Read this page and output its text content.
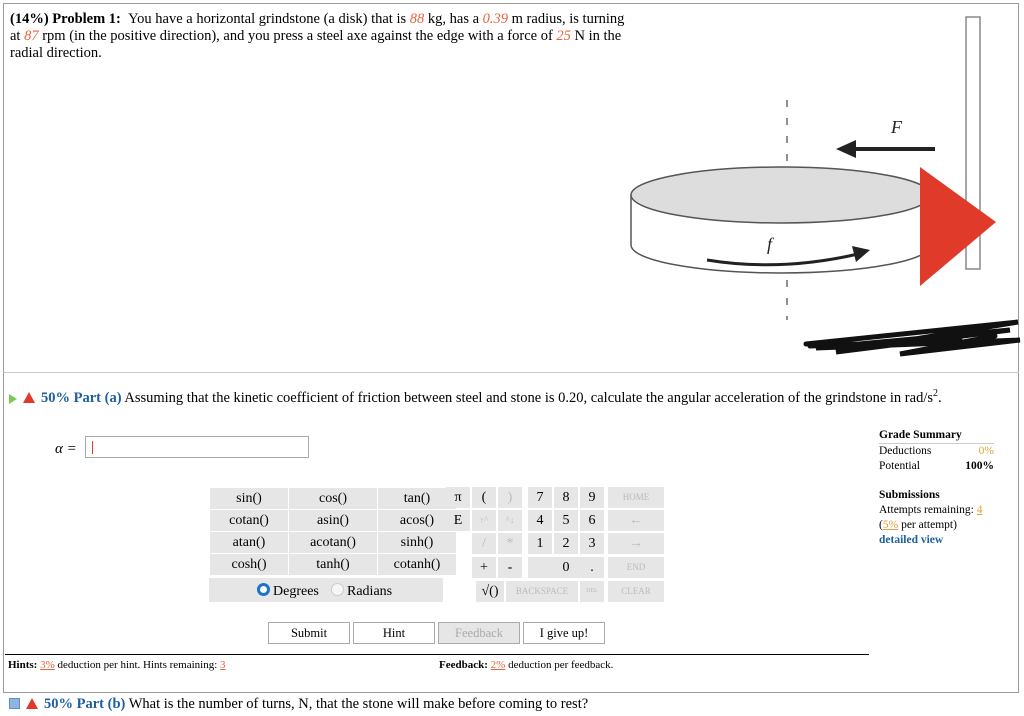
(14%) Problem 1: You have a horizontal grindstone (a disk) that is 88 kg, has a 0.39 m radius, is turning at 87 rpm (in the positive direction), and you press a steel axe against the edge with a force of 25 N in the radial direction.
F
f
50% Part (a) Assuming that the kinetic coefficient of friction between steel and stone is 0.20, calculate the angular acceleration of the grindstone in rad/$s^2$.
α =
sin()	cos()	tan()
cotan()	asin()	acos()
atan()	acotan()	sinh()
cosh()	tanh()	cotanh()
Degrees	Radians
π	(	)	7	8	9	HOME
E	↑^	^↓	4	5	6	←
/	*	1	2	3	→
+	-	0	.	END
√()	BACKSPACE	DEL	CLEAR
Submit	Hint	Feedback	I give up!
Hints: 3% deduction per hint. Hints remaining: 3	Feedback: 2% deduction per feedback.
Grade Summary
Deductions	0%
Potential	100%
Submissions
Attempts remaining: 4
(5% per attempt)
detailed view
50% Part (b) What is the number of turns, N, that the stone will make before coming to rest?
